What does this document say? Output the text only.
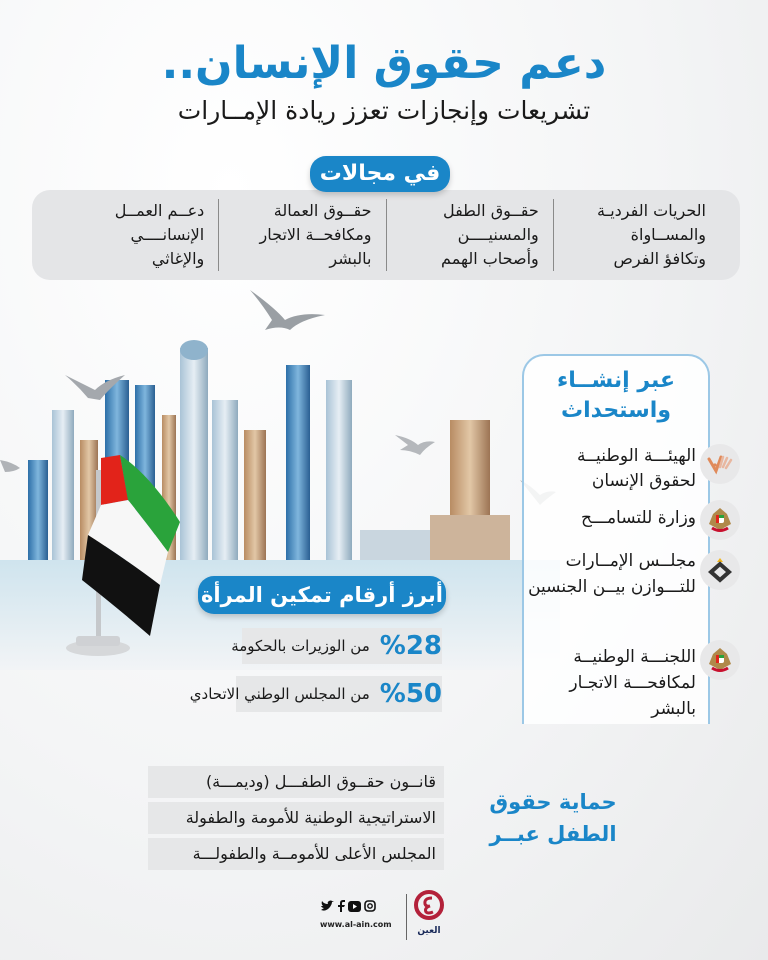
دعم حقوق الإنسان..
تشريعات وإنجازات تعزز ريادة الإمــارات
الحريات الفرديـة
والمســاواة
وتكافؤ الفرص
حقــوق الطفل
والمسنيــــن
وأصحاب الهمم
حقــوق العمالة
ومكافحــة الاتجار
بالبشر
دعــم العمــل
الإنسانــــي
والإغاثي
في مجالات
عبر إنشــاء
واستحداث
الهيئـــة الوطنيــة لحقوق الإنسان
وزارة للتسامـــح
مجلــس الإمــارات للتـــوازن بيــن الجنسين
اللجنـــة الوطنيــة لمكافحـــة الاتجـار بالبشر
أبرز أرقام تمكين المرأة
%28
من الوزيرات بالحكومة
%50
من المجلس الوطني الاتحادي
قانــون حقــوق الطفـــل (وديمـــة)
الاستراتيجية الوطنية للأمومة والطفولة
المجلس الأعلى للأمومــة والطفولـــة
حماية حقوق
الطفل عبــر
www.al-ain.com
العين
